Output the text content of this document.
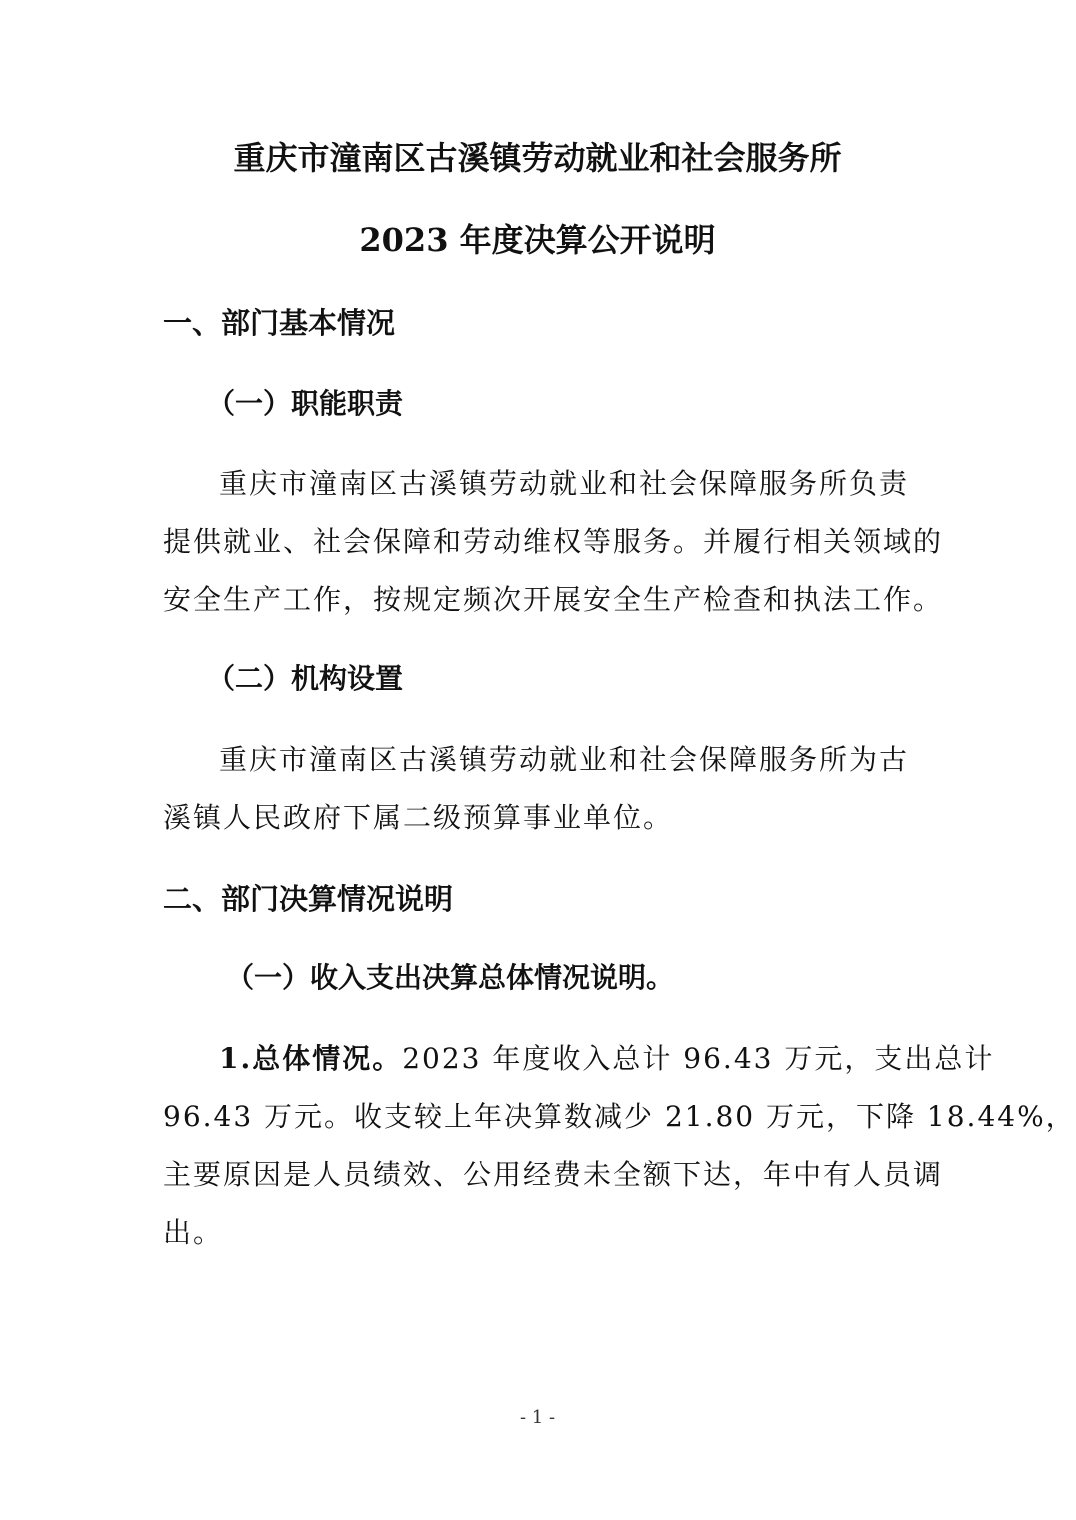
重庆市潼南区古溪镇劳动就业和社会服务所
2023 年度决算公开说明
一、部门基本情况
（一）职能职责
重庆市潼南区古溪镇劳动就业和社会保障服务所负责
提供就业、社会保障和劳动维权等服务。并履行相关领域的
安全生产工作，按规定频次开展安全生产检查和执法工作。
（二）机构设置
重庆市潼南区古溪镇劳动就业和社会保障服务所为古
溪镇人民政府下属二级预算事业单位。
二、部门决算情况说明
（一）收入支出决算总体情况说明。
1.总体情况。2023 年度收入总计 96.43 万元，支出总计
96.43 万元。收支较上年决算数减少 21.80 万元，下降 18.44%，
主要原因是人员绩效、公用经费未全额下达，年中有人员调
出。
- 1 -
